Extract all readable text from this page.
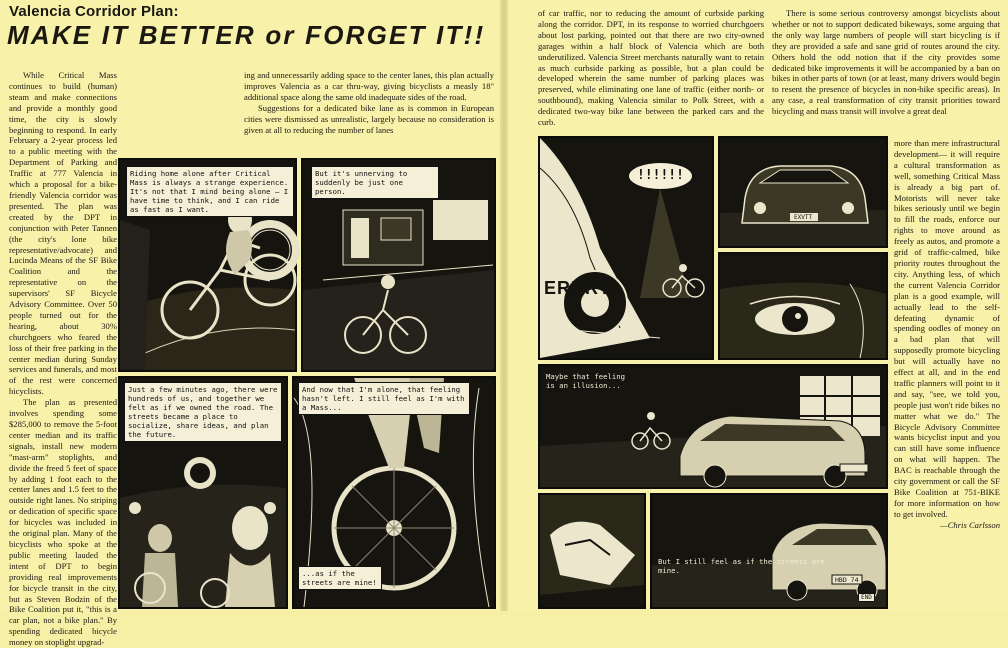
Valencia Corridor Plan:
MAKE IT BETTER or FORGET IT!!

While Critical Mass continues to build (human) steam and make connections and provide a monthly good time, the city is slowly beginning to respond. In early February a 2-year process led to a public meeting with the Department of Parking and Traffic at 777 Valencia in which a proposal for a bike-friendly Valencia corridor was presented. The plan was created by the DPT in conjunction with Peter Tannen (the city's lone bike representative/advocate) and Lucinda Means of the SF Bike Coalition and the representative on the supervisors' SF Bicycle Advisory Committee. Over 50 people turned out for the hearing, about 30% churchgoers who feared the loss of their free parking in the center median during Sunday services and funerals, and most of the rest were concerned bicyclists.

The plan as presented involves spending some $285,000 to remove the 5-foot center median and its traffic signals, install new modern "mast-arm" stoplights, and divide the freed 5 feet of space by adding 1 foot each to the center lanes and 1.5 feet to the outside right lanes. No striping or dedication of specific space for bicycles was included in the original plan. Many of the bicyclists who spoke at the public meeting lauded the intent of DPT to begin providing real improvements for bicycle transit in the city, but as Steven Bodzin of the Bike Coalition put it, "this is a car plan, not a bike plan." By spending dedicated bicycle money on stoplight upgrad-

ing and unnecessarily adding space to the center lanes, this plan actually improves Valencia as a car thru-way, giving bicyclists a measly 18" additional space along the same old inadequate sides of the road.

Suggestions for a dedicated bike lane as is common in European cities were dismissed as unrealistic, largely because no consideration is given at all to reducing the number of lanes

Riding home alone after Critical Mass is always a strange experience. It's not that I mind being alone — I have time to think, and I can ride as fast as I want.
But it's unnerving to suddenly be just one person.
Just a few minutes ago, there were hundreds of us, and together we felt as if we owned the road. The streets became a place to socialize, share ideas, and plan the future.
And now that I'm alone, that feeling hasn't left. I still feel as I'm with a Mass...
...as if the streets are mine!

of car traffic, nor to reducing the amount of curbside parking along the corridor. DPT, in its response to worried churchgoers about lost parking, pointed out that there are two city-owned garages within a half block of Valencia which are both underutilized. Valencia Street merchants naturally want to retain as much curbside parking as possible, but a plan could be developed wherein the same number of parking places was preserved, while eliminating one lane of traffic (either north- or southbound), making Valencia similar to Polk Street, with a dedicated two-way bike lane between the parked cars and the curb.

There is some serious controversy amongst bicyclists about whether or not to support dedicated bikeways, some arguing that the only way large numbers of people will start bicycling is if they are provided a safe and sane grid of routes around the city. Others hold the odd notion that if the city provides some dedicated bike improvements it will be accompanied by a ban on bikes in other parts of town (or at least, many drivers would begin to resent the presence of bicycles in non-bike specific areas). In any case, a real transformation of city transit priorities toward bicycling and mass transit will involve a great deal

more than mere infrastructural development— it will require a cultural transformation as well, something Critical Mass is already a big part of. Motorists will never take bikes seriously until we begin to fill the roads, enforce our rights to move around as freely as autos, and promote a grid of traffic-calmed, bike priority routes throughout the city. Anything less, of which the current Valencia Corridor plan is a good example, will actually lead to the self-defeating dynamic of spending oodles of money on a bad plan that will supposedly promote bicycling but will actually have no effect at all, and in the end traffic planners will point to it and say, "see, we told you, people just won't ride bikes no matter what we do." The Bicycle Advisory Committee wants bicyclist input and you can still have some influence on what will happen. The BAC is reachable through the city government or call the SF Bike Coalition at 751-BIKE for more information on how to get involved.

—Chris Carlsson

!!!!!!
ERRRT!
EXVTT
Maybe that feeling is an illusion...
HBD 74
But I still feel as if the streets are mine.
END
